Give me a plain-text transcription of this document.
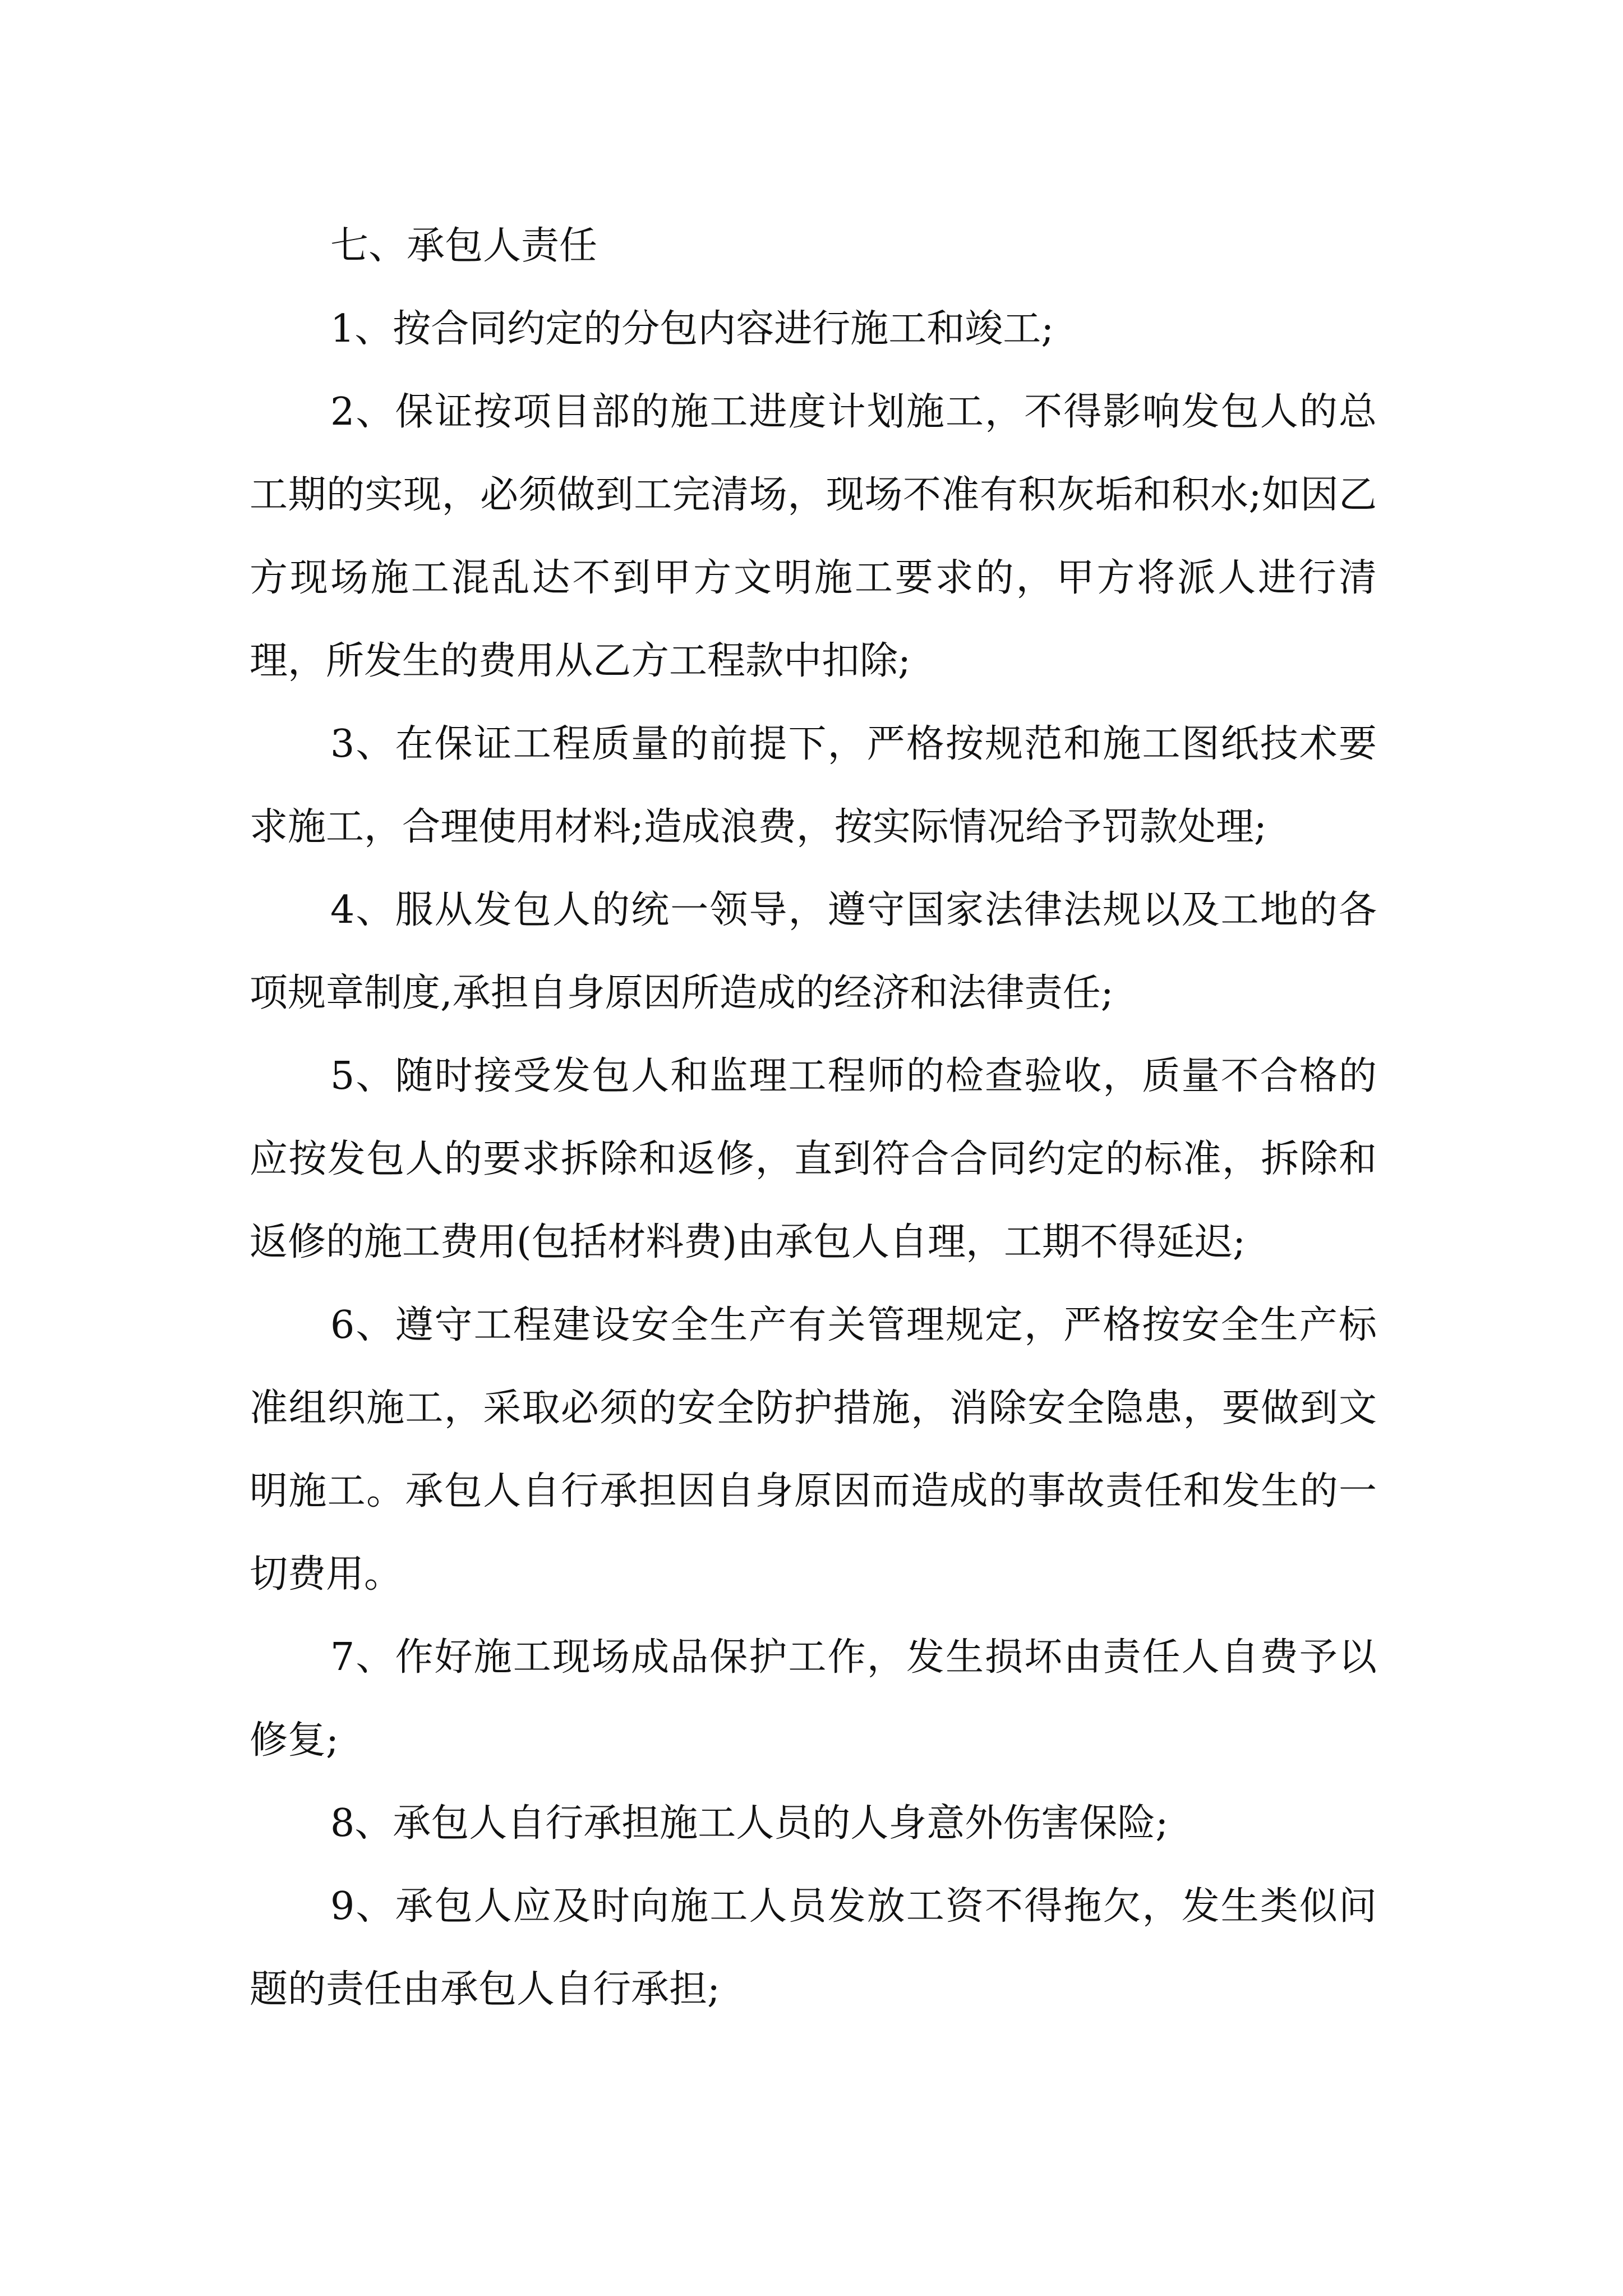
七、承包人责任

1、按合同约定的分包内容进行施工和竣工;

2、保证按项目部的施工进度计划施工，不得影响发包人的总工期的实现，必须做到工完清场，现场不准有积灰垢和积水;如因乙方现场施工混乱达不到甲方文明施工要求的，甲方将派人进行清理，所发生的费用从乙方工程款中扣除;

3、在保证工程质量的前提下，严格按规范和施工图纸技术要求施工，合理使用材料;造成浪费，按实际情况给予罚款处理;

4、服从发包人的统一领导，遵守国家法律法规以及工地的各项规章制度,承担自身原因所造成的经济和法律责任;

5、随时接受发包人和监理工程师的检查验收，质量不合格的应按发包人的要求拆除和返修，直到符合合同约定的标准，拆除和返修的施工费用(包括材料费)由承包人自理，工期不得延迟;

6、遵守工程建设安全生产有关管理规定，严格按安全生产标准组织施工，采取必须的安全防护措施，消除安全隐患，要做到文明施工。承包人自行承担因自身原因而造成的事故责任和发生的一切费用。

7、作好施工现场成品保护工作，发生损坏由责任人自费予以修复;

8、承包人自行承担施工人员的人身意外伤害保险;

9、承包人应及时向施工人员发放工资不得拖欠，发生类似问题的责任由承包人自行承担;
